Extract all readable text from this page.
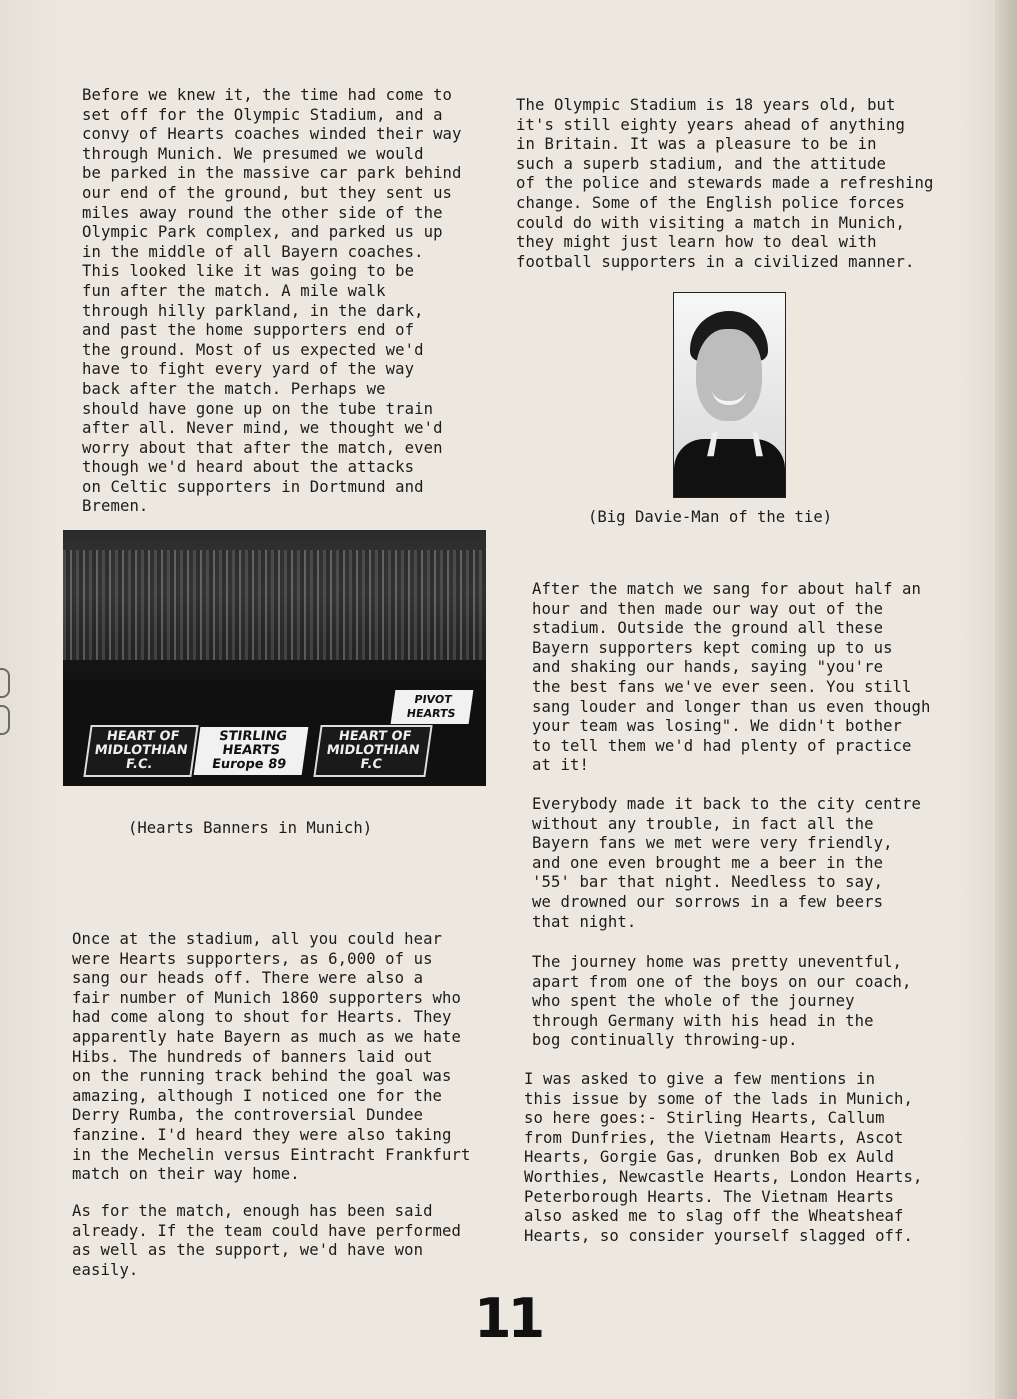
Before we knew it, the time had come to
set off for the Olympic Stadium, and a
convy of Hearts coaches winded their way
through Munich. We presumed we would
be parked in the massive car park behind
our end of the ground, but they sent us
miles away round the other side of the
Olympic Park complex, and parked us up
in the middle of all Bayern coaches.
This looked like it was going to be
fun after the match. A mile walk
through hilly parkland, in the dark,
and past the home supporters end of
the ground. Most of us expected we'd
have to fight every yard of the way
back after the match. Perhaps we
should have gone up on the tube train
after all. Never mind, we thought we'd
worry about that after the match, even
though we'd heard about the attacks
on Celtic supporters in Dortmund and
Bremen.
HEART OF MIDLOTHIAN F.C.
STIRLING HEARTS Europe 89
HEART OF MIDLOTHIAN F.C
PIVOT HEARTS
(Hearts Banners in Munich)
Once at the stadium, all you could hear
were Hearts supporters, as 6,000 of us
sang our heads off. There were also a
fair number of Munich 1860 supporters who
had come along to shout for Hearts. They
apparently hate Bayern as much as we hate
Hibs. The hundreds of banners laid out
on the running track behind the goal was
amazing, although I noticed one for the
Derry Rumba, the controversial Dundee
fanzine. I'd heard they were also taking
in the Mechelin versus Eintracht Frankfurt
match on their way home.
As for the match, enough has been said
already. If the team could have performed
as well as the support, we'd have won
easily.
The Olympic Stadium is 18 years old, but
it's still eighty years ahead of anything
in Britain. It was a pleasure to be in
such a superb stadium, and the attitude
of the police and stewards made a refreshing
change. Some of the English police forces
could do with visiting a match in Munich,
they might just learn how to deal with
football supporters in a civilized manner.
(Big Davie-Man of the tie)
After the match we sang for about half an
hour and then made our way out of the
stadium. Outside the ground all these
Bayern supporters kept coming up to us
and shaking our hands, saying "you're
the best fans we've ever seen. You still
sang louder and longer than us even though
your team was losing". We didn't bother
to tell them we'd had plenty of practice
at it!
Everybody made it back to the city centre
without any trouble, in fact all the
Bayern fans we met were very friendly,
and one even brought me a beer in the
'55' bar that night. Needless to say,
we drowned our sorrows in a few beers
that night.
The journey home was pretty uneventful,
apart from one of the boys on our coach,
who spent the whole of the journey
through Germany with his head in the
bog continually throwing-up.
I was asked to give a few mentions in
this issue by some of the lads in Munich,
so here goes:- Stirling Hearts, Callum
from Dunfries, the Vietnam Hearts, Ascot
Hearts, Gorgie Gas, drunken Bob ex Auld
Worthies, Newcastle Hearts, London Hearts,
Peterborough Hearts. The Vietnam Hearts
also asked me to slag off the Wheatsheaf
Hearts, so consider yourself slagged off.
11
